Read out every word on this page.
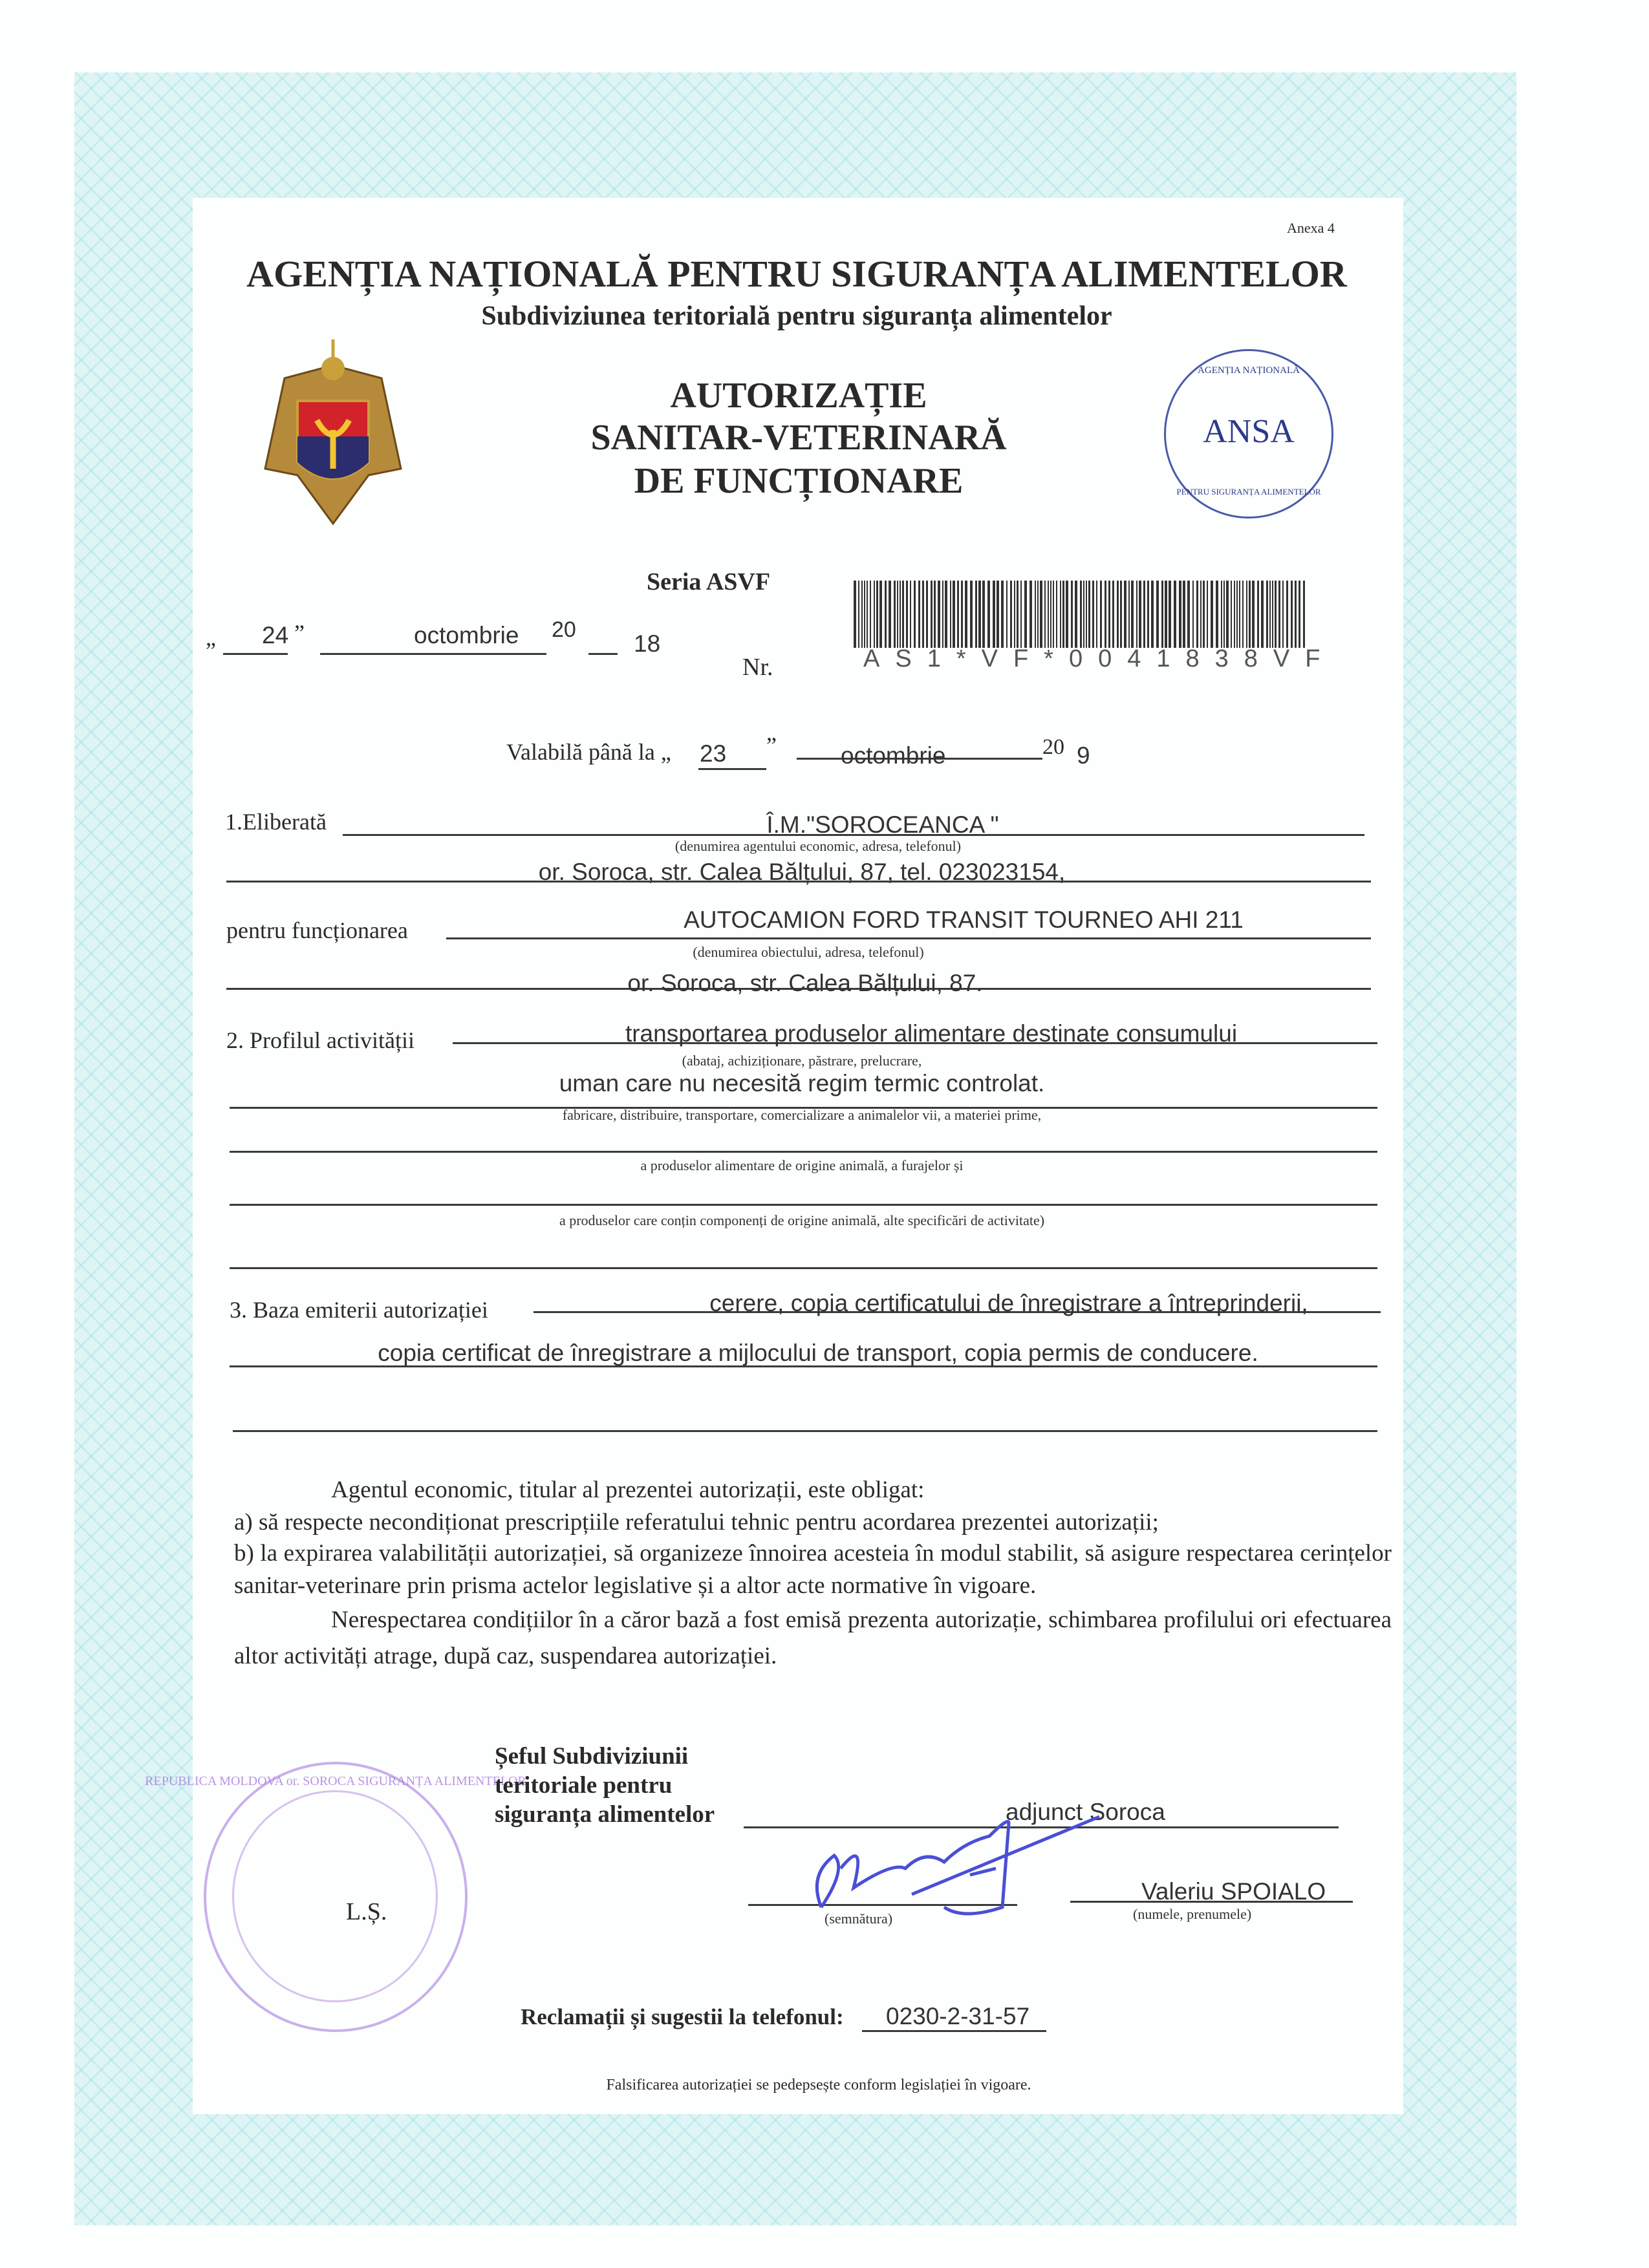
Anexa 4
AGENȚIA NAȚIONALĂ PENTRU SIGURANȚA ALIMENTELOR
Subdiviziunea teritorială pentru siguranța alimentelor
AUTORIZAȚIE
SANITAR-VETERINARĂ
DE FUNCȚIONARE
AGENȚIA NAȚIONALĂ
ANSA
PENTRU SIGURANȚA ALIMENTELOR
Seria ASVF
AS1*VF*0041838VF
Nr.
„ 24 ”	octombrie 20
18
Valabilă până la „ 23 ”	octombrie	20 9
1.Eliberată	Î.M."SOROCEANCA "
(denumirea agentului economic, adresa, telefonul)
or. Soroca, str. Calea Bălțului, 87, tel. 023023154,
pentru funcționarea	AUTOCAMION FORD TRANSIT TOURNEO AHI 211
(denumirea obiectului, adresa, telefonul)
or. Soroca, str. Calea Bălțului, 87.
2. Profilul activității	transportarea produselor alimentare destinate consumului
(abataj, achiziționare, păstrare, prelucrare,
uman care nu necesită regim termic controlat.
fabricare, distribuire, transportare, comercializare a animalelor vii, a materiei prime,
a produselor alimentare de origine animală, a furajelor și
a produselor care conțin componenți de origine animală, alte specificări de activitate)
3. Baza emiterii autorizației	cerere, copia certificatului de înregistrare a întreprinderii,
copia certificat de înregistrare a mijlocului de transport, copia permis de conducere.
Agentul economic, titular al prezentei autorizații, este obligat:
a) să respecte necondiționat prescripțiile referatului tehnic pentru acordarea prezentei autorizații;
b) la expirarea valabilității autorizației, să organizeze înnoirea acesteia în modul stabilit, să asigure respectarea cerințelor sanitar-veterinare prin prisma actelor legislative și a altor acte normative în vigoare.
Nerespectarea condițiilor în a căror bază a fost emisă prezenta autorizație, schimbarea profilului ori efectuarea altor activități atrage, după caz, suspendarea autorizației.
REPUBLICA MOLDOVA or. SOROCA SIGURANȚA ALIMENTELOR
L.Ș.
Șeful Subdiviziunii
teritoriale pentru
siguranța alimentelor	adjunct Soroca
(semnătura)
Valeriu SPOIALO
(numele, prenumele)
Reclamații și sugestii la telefonul: 0230-2-31-57
Falsificarea autorizației se pedepsește conform legislației în vigoare.
